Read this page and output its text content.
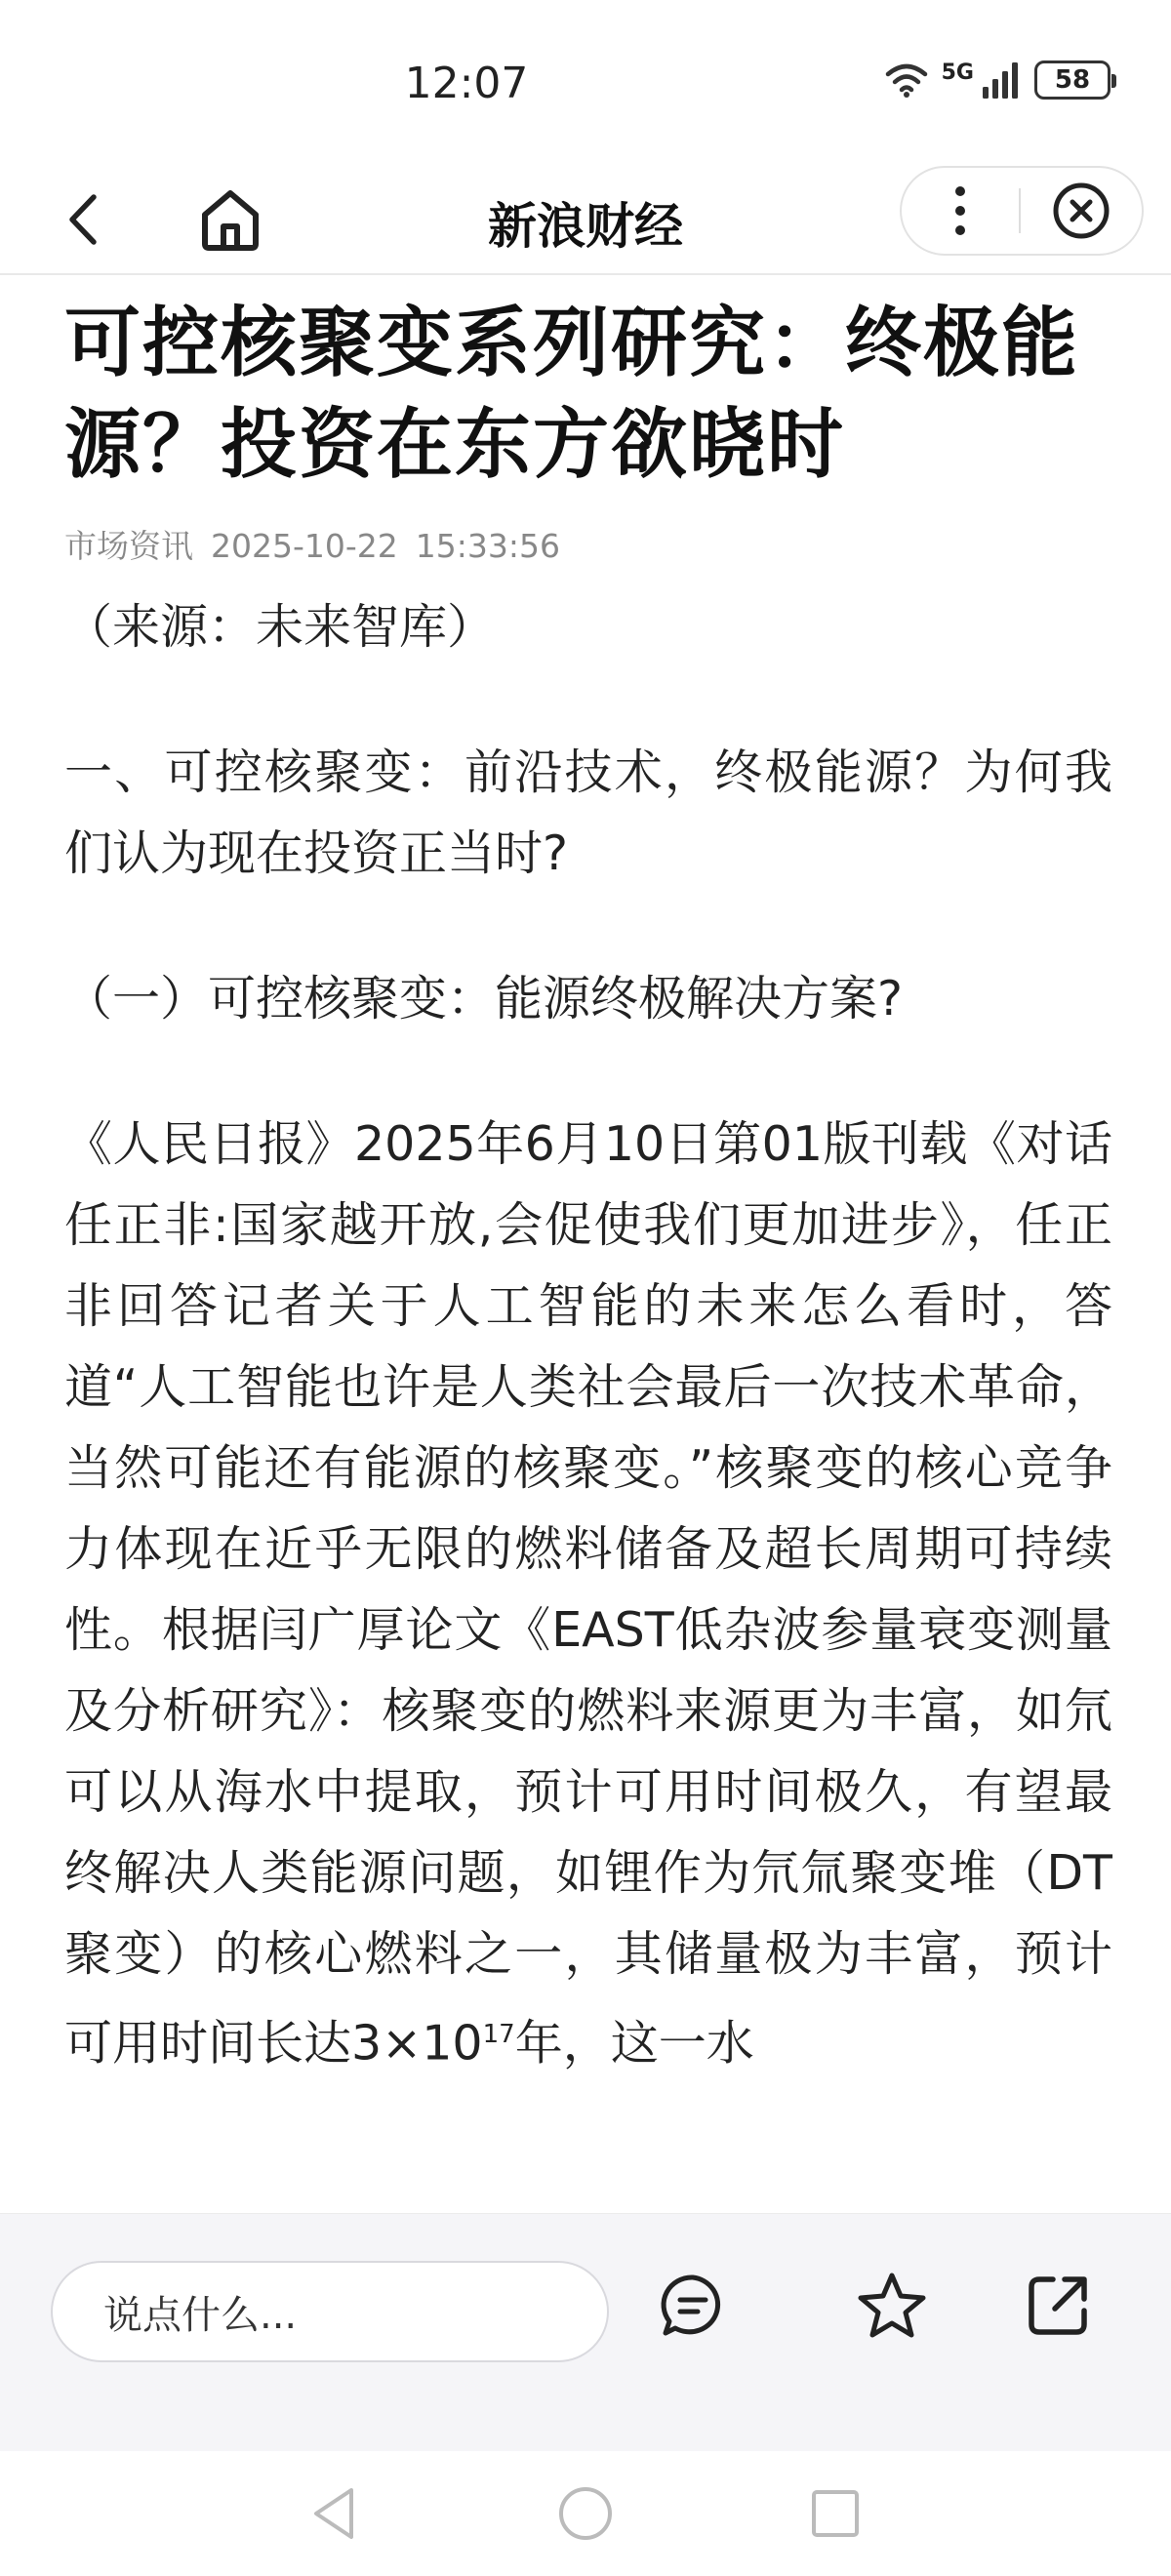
12:07	5G	58
新浪财经
可控核聚变系列研究：终极能源？投资在东方欲晓时
市场资讯 2025-10-22 15:33:56

（来源：未来智库）

一、可控核聚变：前沿技术，终极能源？为何我们认为现在投资正当时?

（一）可控核聚变：能源终极解决方案?

《人民日报》2025年6月10日第01版刊载《对话任正非:国家越开放,会促使我们更加进步》，任正非回答记者关于人工智能的未来怎么看时，答道“人工智能也许是人类社会最后一次技术革命，当然可能还有能源的核聚变。”核聚变的核心竞争力体现在近乎无限的燃料储备及超长周期可持续性。根据闫广厚论文《EAST低杂波参量衰变测量及分析研究》：核聚变的燃料来源更为丰富，如氘可以从海水中提取，预计可用时间极久，有望最终解决人类能源问题，如锂作为氘氚聚变堆（DT聚变）的核心燃料之一，其储量极为丰富，预计可用时间长达$3\times 10^{17}$年，这一水

说点什么...
